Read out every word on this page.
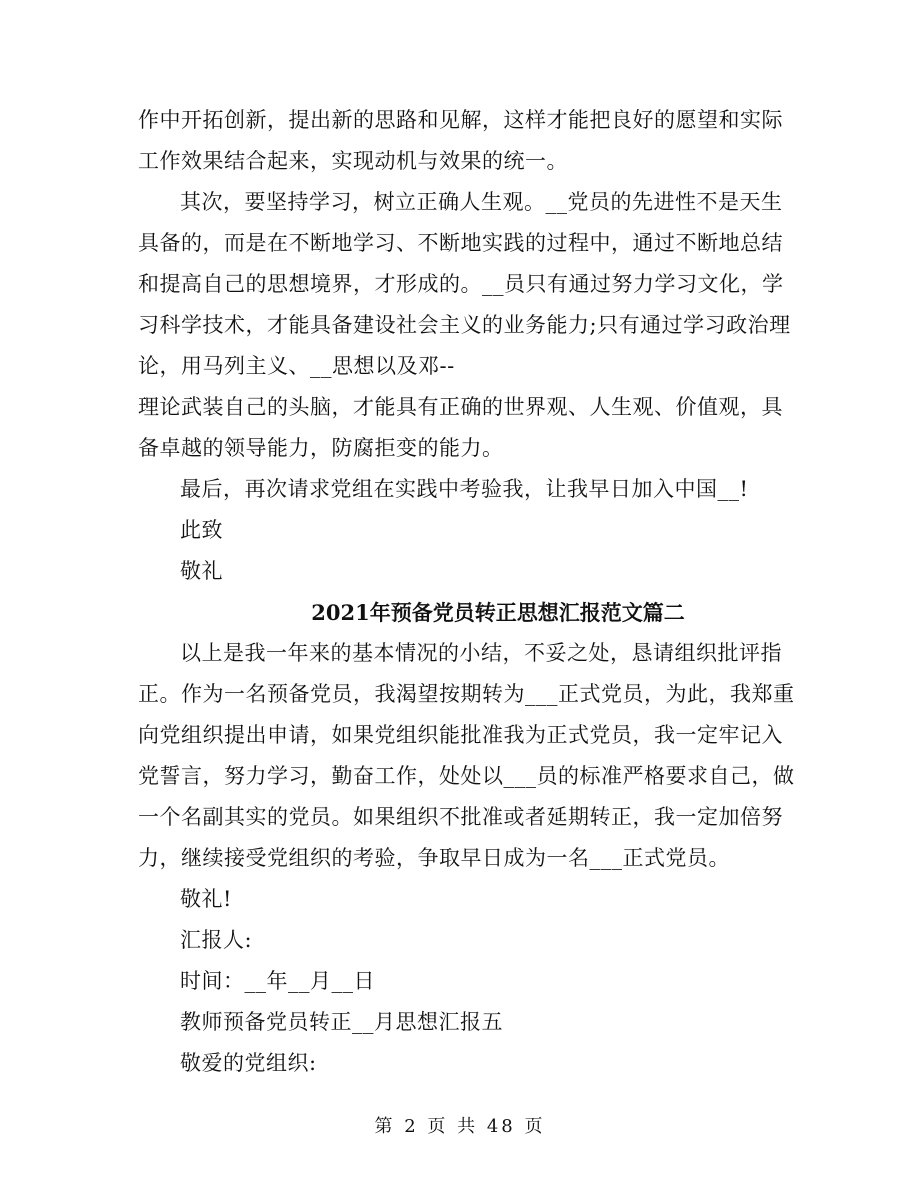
作中开拓创新，提出新的思路和见解，这样才能把良好的愿望和实际
工作效果结合起来，实现动机与效果的统一。
其次，要坚持学习，树立正确人生观。__党员的先进性不是天生
具备的，而是在不断地学习、不断地实践的过程中，通过不断地总结
和提高自己的思想境界，才形成的。__员只有通过努力学习文化，学
习科学技术，才能具备建设社会主义的业务能力;只有通过学习政治理
论，用马列主义、__思想以及邓--
理论武装自己的头脑，才能具有正确的世界观、人生观、价值观，具
备卓越的领导能力，防腐拒变的能力。
最后，再次请求党组在实践中考验我，让我早日加入中国__!
此致
敬礼
2021年预备党员转正思想汇报范文篇二
以上是我一年来的基本情况的小结，不妥之处，恳请组织批评指
正。作为一名预备党员，我渴望按期转为___正式党员，为此，我郑重
向党组织提出申请，如果党组织能批准我为正式党员，我一定牢记入
党誓言，努力学习，勤奋工作，处处以___员的标准严格要求自己，做
一个名副其实的党员。如果组织不批准或者延期转正，我一定加倍努
力，继续接受党组织的考验，争取早日成为一名___正式党员。
敬礼!
汇报人:
时间：__年__月__日
教师预备党员转正__月思想汇报五
敬爱的党组织:
第 2 页 共 48 页
